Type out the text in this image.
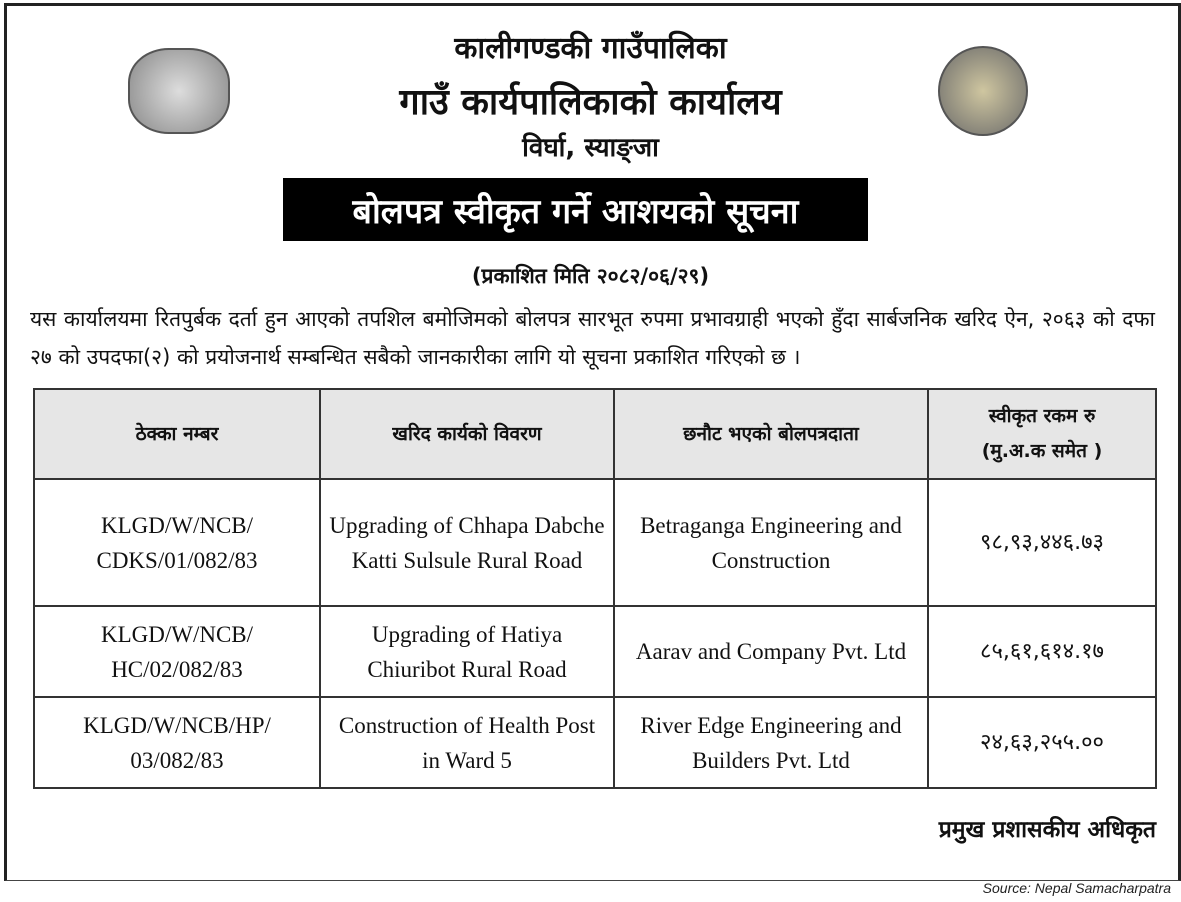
कालीगण्डकी गाउँपालिका
गाउँ कार्यपालिकाको कार्यालय
विर्घा, स्याङ्जा
बोलपत्र स्वीकृत गर्ने आशयको सूचना
(प्रकाशित मिति २०८२/०६/२९)
यस कार्यालयमा रितपुर्बक दर्ता हुन आएको तपशिल बमोजिमको बोलपत्र सारभूत रुपमा प्रभावग्राही भएको हुँदा सार्बजनिक खरिद ऐन, २०६३ को दफा २७ को उपदफा(२) को प्रयोजनार्थ सम्बन्धित सबैको जानकारीका लागि यो सूचना प्रकाशित गरिएको छ ।
ठेक्का नम्बर	खरिद कार्यको विवरण	छनौट भएको बोलपत्रदाता	स्वीकृत रकम रु
(मु.अ.क समेत )
KLGD/W/NCB/ CDKS/01/082/83	Upgrading of Chhapa Dabche Katti Sulsule Rural Road	Betraganga Engineering and Construction	९८,९३,४४६.७३
KLGD/W/NCB/ HC/02/082/83	Upgrading of Hatiya Chiuribot Rural Road	Aarav and Company Pvt. Ltd	८५,६१,६१४.१७
KLGD/W/NCB/HP/ 03/082/83	Construction of Health Post in Ward 5	River Edge Engineering and Builders Pvt. Ltd	२४,६३,२५५.००
प्रमुख प्रशासकीय अधिकृत
Source: Nepal Samacharpatra
